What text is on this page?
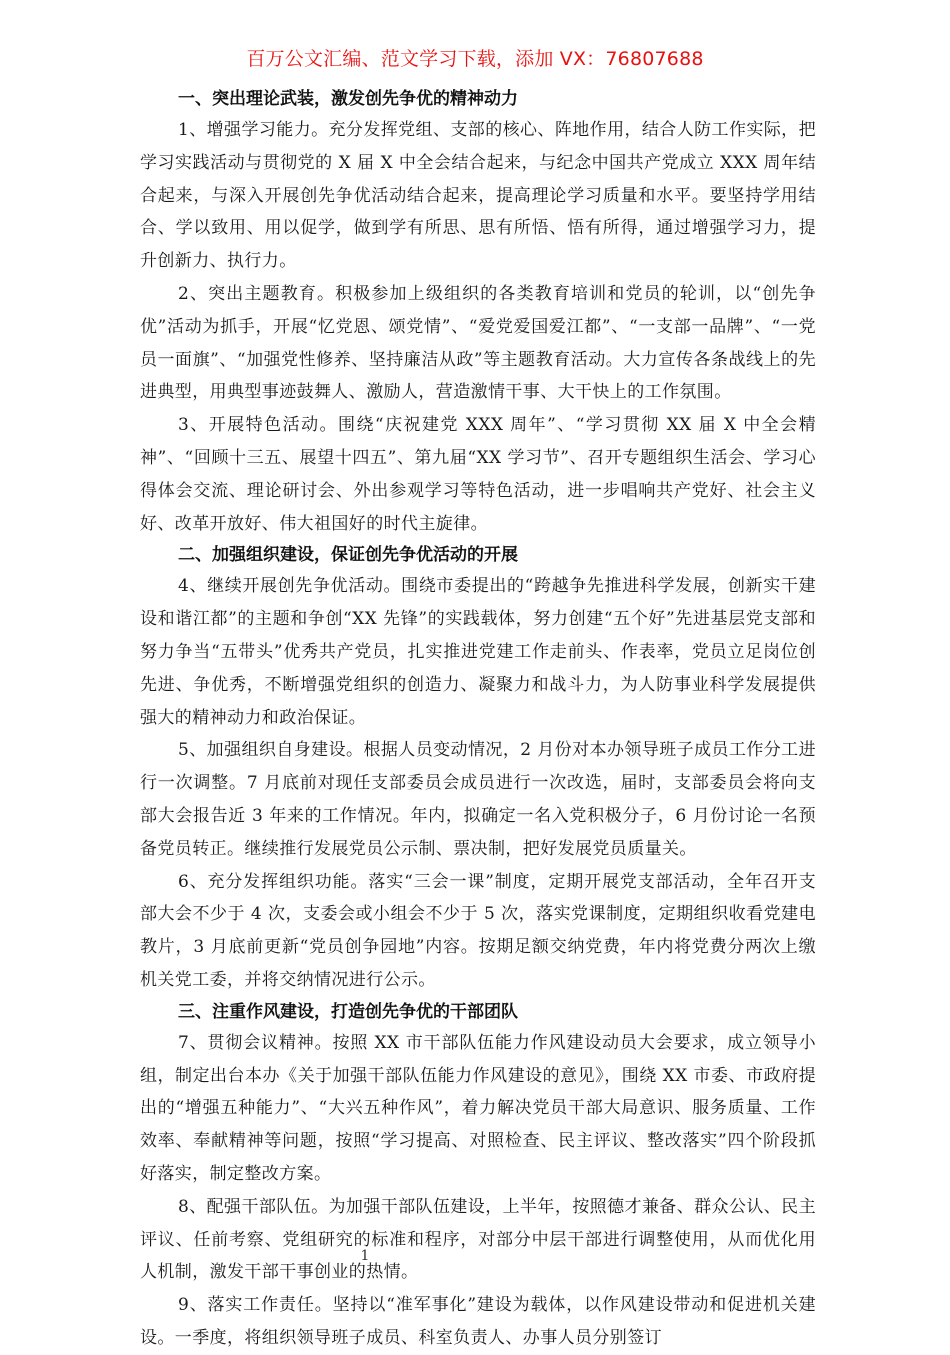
百万公文汇编、范文学习下载，添加 VX：76807688
一、突出理论武装，激发创先争优的精神动力

1、增强学习能力。充分发挥党组、支部的核心、阵地作用，结合人防工作实际，把学习实践活动与贯彻党的 X 届 X 中全会结合起来，与纪念中国共产党成立 XXX 周年结合起来，与深入开展创先争优活动结合起来，提高理论学习质量和水平。要坚持学用结合、学以致用、用以促学，做到学有所思、思有所悟、悟有所得，通过增强学习力，提升创新力、执行力。

2、突出主题教育。积极参加上级组织的各类教育培训和党员的轮训，以“创先争优”活动为抓手，开展“忆党恩、颂党情”、“爱党爱国爱江都”、“一支部一品牌”、“一党员一面旗”、“加强党性修养、坚持廉洁从政”等主题教育活动。大力宣传各条战线上的先进典型，用典型事迹鼓舞人、激励人，营造激情干事、大干快上的工作氛围。

3、开展特色活动。围绕“庆祝建党 XXX 周年”、“学习贯彻 XX 届 X 中全会精神”、“回顾十三五、展望十四五”、第九届“XX 学习节”、召开专题组织生活会、学习心得体会交流、理论研讨会、外出参观学习等特色活动，进一步唱响共产党好、社会主义好、改革开放好、伟大祖国好的时代主旋律。

二、加强组织建设，保证创先争优活动的开展

4、继续开展创先争优活动。围绕市委提出的“跨越争先推进科学发展，创新实干建设和谐江都”的主题和争创“XX 先锋”的实践载体，努力创建“五个好”先进基层党支部和努力争当“五带头”优秀共产党员，扎实推进党建工作走前头、作表率，党员立足岗位创先进、争优秀，不断增强党组织的创造力、凝聚力和战斗力，为人防事业科学发展提供强大的精神动力和政治保证。

5、加强组织自身建设。根据人员变动情况，2 月份对本办领导班子成员工作分工进行一次调整。7 月底前对现任支部委员会成员进行一次改选，届时，支部委员会将向支部大会报告近 3 年来的工作情况。年内，拟确定一名入党积极分子，6 月份讨论一名预备党员转正。继续推行发展党员公示制、票决制，把好发展党员质量关。

6、充分发挥组织功能。落实“三会一课”制度，定期开展党支部活动，全年召开支部大会不少于 4 次，支委会或小组会不少于 5 次，落实党课制度，定期组织收看党建电教片，3 月底前更新“党员创争园地”内容。按期足额交纳党费，年内将党费分两次上缴机关党工委，并将交纳情况进行公示。

三、注重作风建设，打造创先争优的干部团队

7、贯彻会议精神。按照 XX 市干部队伍能力作风建设动员大会要求，成立领导小组，制定出台本办《关于加强干部队伍能力作风建设的意见》，围绕 XX 市委、市政府提出的“增强五种能力”、“大兴五种作风”，着力解决党员干部大局意识、服务质量、工作效率、奉献精神等问题，按照“学习提高、对照检查、民主评议、整改落实”四个阶段抓好落实，制定整改方案。

8、配强干部队伍。为加强干部队伍建设，上半年，按照德才兼备、群众公认、民主评议、任前考察、党组研究的标准和程序，对部分中层干部进行调整使用，从而优化用人机制，激发干部干事创业的热情。

9、落实工作责任。坚持以“准军事化”建设为载体，以作风建设带动和促进机关建设。一季度，将组织领导班子成员、科室负责人、办事人员分别签订

1
